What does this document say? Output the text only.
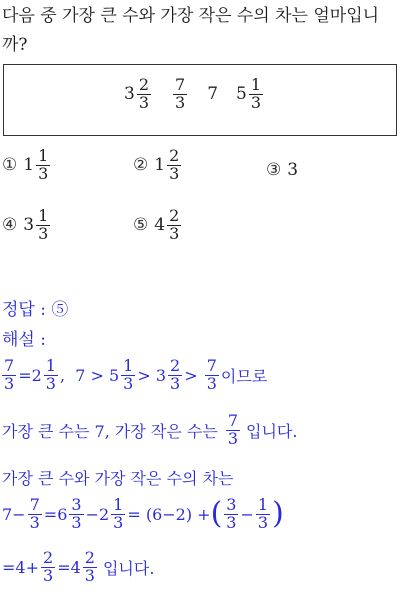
다음 중 가장 큰 수와 가장 작은 수의 차는 얼마입니
까?
$3 \frac{2}{3} \frac{7}{3} 7$ $5 \frac{1}{3}$
① $1 \frac{1}{3}$	② $1 \frac{2}{3}$	③ 3
④ $3 \frac{1}{3}$	⑤ $4 \frac{2}{3}$
정답 : ⑤
해설 :
$\frac{7}{3} =2 \frac{1}{3}$ ,  $7 > 5 \frac{1}{3} > 3 \frac{2}{3} > \frac{7}{3}$ 이므로
가장 큰 수는 7, 가장 작은 수는 $\frac{7}{3}$ 입니다.
가장 큰 수와 가장 작은 수의 차는
$7- \frac{7}{3} =6 \frac{3}{3} -2 \frac{1}{3} = (6-2)$ + ( $\frac{3}{3} - \frac{1}{3}$ )
$=4+ \frac{2}{3} =4 \frac{2}{3}$ 입니다.
